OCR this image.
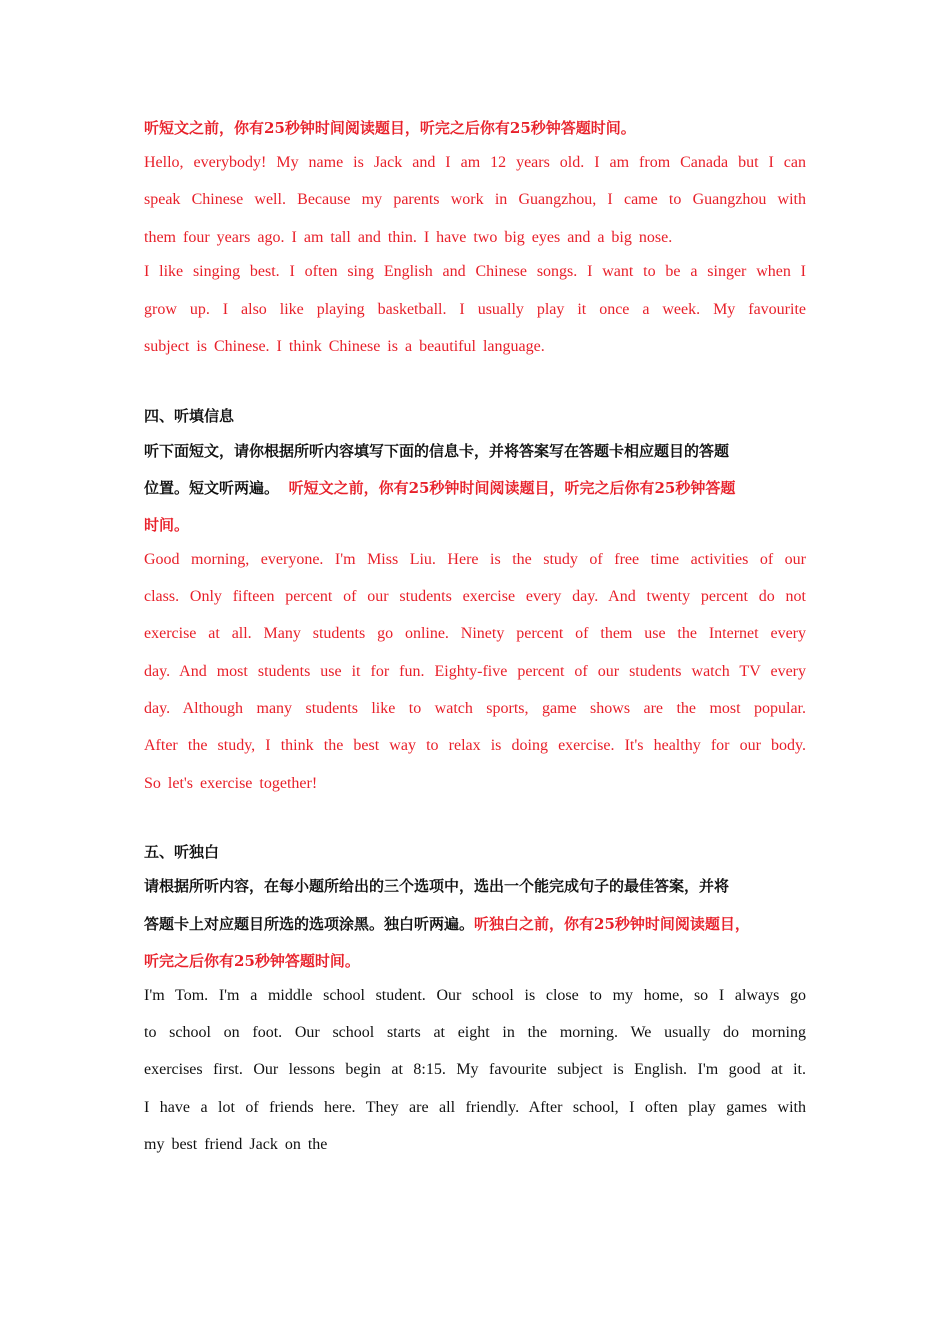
听短文之前，你有25秒钟时间阅读题目，听完之后你有25秒钟答题时间。
Hello, everybody! My name is Jack and I am 12 years old. I am from Canada but I can
speak Chinese well. Because my parents work in Guangzhou, I came to Guangzhou with
them four years ago. I am tall and thin. I have two big eyes and a big nose.
I like singing best. I often sing English and Chinese songs. I want to be a singer when I
grow up. I also like playing basketball. I usually play it once a week. My favourite
subject is Chinese. I think Chinese is a beautiful language.
四、听填信息
听下面短文，请你根据所听内容填写下面的信息卡，并将答案写在答题卡相应题目的答题
位置。短文听两遍。 听短文之前，你有25秒钟时间阅读题目，听完之后你有25秒钟答题
时间。
Good morning, everyone. I'm Miss Liu. Here is the study of free time activities of our
class. Only fifteen percent of our students exercise every day. And twenty percent do not
exercise at all. Many students go online. Ninety percent of them use the Internet every
day. And most students use it for fun. Eighty-five percent of our students watch TV every
day. Although many students like to watch sports, game shows are the most popular.
After the study, I think the best way to relax is doing exercise. It's healthy for our body.
So let's exercise together!
五、听独白
请根据所听内容，在每小题所给出的三个选项中，选出一个能完成句子的最佳答案，并将
答题卡上对应题目所选的选项涂黑。独白听两遍。听独白之前，你有25秒钟时间阅读题目，
听完之后你有25秒钟答题时间。
I'm Tom. I'm a middle school student. Our school is close to my home, so I always go
to school on foot. Our school starts at eight in the morning. We usually do morning
exercises first. Our lessons begin at 8:15. My favourite subject is English. I'm good at it.
I have a lot of friends here. They are all friendly. After school, I often play games with
my best friend Jack on the
